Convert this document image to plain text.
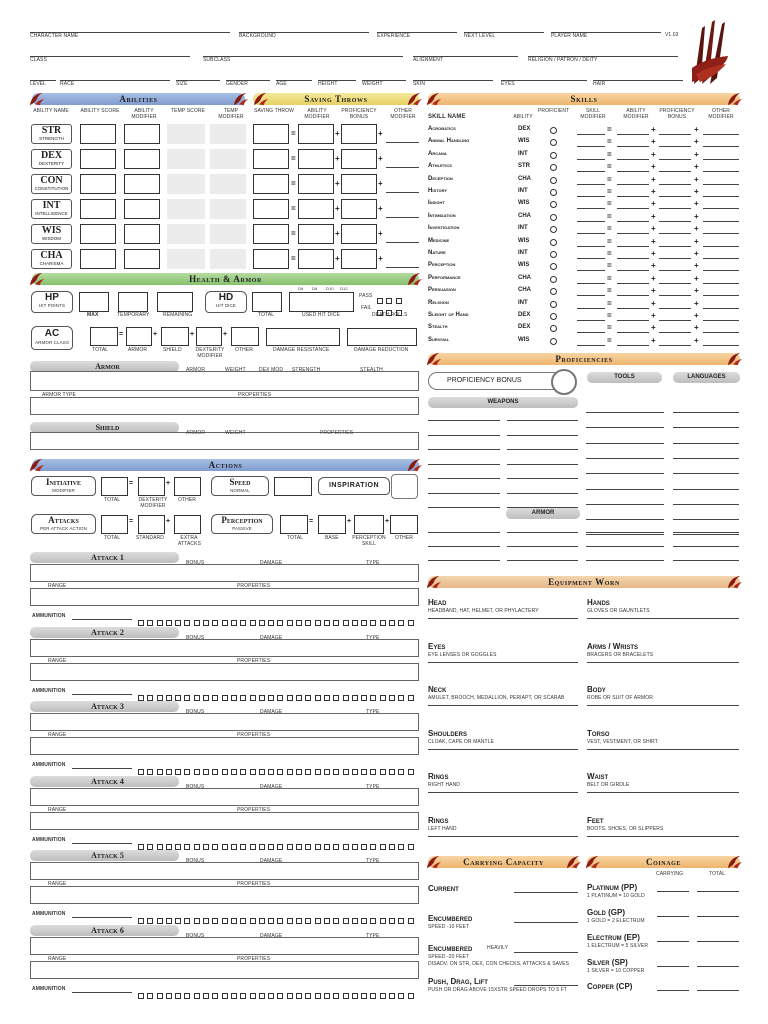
CHARACTER NAME	BACKGROUND	EXPERIENCE	NEXT LEVEL	PLAYER NAME
CLASS	SUBCLASS	ALIGNMENT	RELIGION / PATRON / DEITY
LEVEL	RACE	SIZE	GENDER	AGE	HEIGHT	WEIGHT	SKIN	EYES	HAIR
V1.03
Abilities
ABILITY NAME	ABILITY SCORE	ABILITY MODIFIER
TEMP SCORE	TEMP MODIFIER
STR
STRENGTH
DEX
DEXTERITY
CON
CONSTITUTION
INT
INTELLIGENCE
WIS
WISDOM
CHA
CHARISMA
Saving Throws
SAVING THROW	ABILITY MODIFIER
PROFICIENCY BONUS
OTHER MODIFIER
=	+	+
=	+	+
=	+	+
=	+	+
=	+	+
=	+	+
Skills
SKILL NAME	ABILITY
PROFICIENT	SKILL MODIFIER
ABILITY MODIFIER
PROFICIENCY BONUS
OTHER MODIFIER
Acrobatics	DEX	=	+	+
Animal Handling	WIS	=	+	+
Arcana	INT	=	+	+
Athletics	STR	=	+	+
Deception	CHA	=	+	+
History	INT	=	+	+
Insight	WIS	=	+	+
Intimidation	CHA	=	+	+
Investigation	INT	=	+	+
Medicine	WIS	=	+	+
Nature	INT	=	+	+
Perception	WIS	=	+	+
Performance	CHA	=	+	+
Persuasion	CHA	=	+	+
Religion	INT	=	+	+
Sleight of Hand	DEX	=	+	+
Stealth	DEX	=	+	+
Survival	WIS	=	+	+
Health & Armor
HP
HIT POINTS
HD
HIT DICE
D6 D8 D10 D12
PASS
FAIL
MAX	TEMPORARY	REMAINING	TOTAL	USED HIT DICE	DEATH ROLLS
AC
ARMOR CLASS
=	+	+	+
TOTAL	ARMOR	SHIELD	DEXTERITY MODIFIER
OTHER	DAMAGE RESISTANCE	DAMAGE REDUCTION
Armor	ARMOR	WEIGHT	DEX MOD STRENGTH	STEALTH
ARMOR TYPE	PROPERTIES
Shield
ARMOR	WEIGHT	PROPERTIES
Actions
Initiative
MODIFIER
=	+
TOTAL	DEXTERITY MODIFIER
OTHER
Speed
NORMAL
INSPIRATION
Attacks
PER ATTACK ACTION
=	+
TOTAL	STANDARD	EXTRA ATTACKS
Perception
PASSIVE
=	+	+
TOTAL	BASE	PERCEPTION SKILL
OTHER
Attack 1
BONUS	DAMAGE	TYPE
RANGE	PROPERTIES
AMMUNITION
Attack 2
BONUS	DAMAGE	TYPE
RANGE	PROPERTIES
AMMUNITION
Attack 3
BONUS	DAMAGE	TYPE
RANGE	PROPERTIES
AMMUNITION
Attack 4
BONUS	DAMAGE	TYPE
RANGE	PROPERTIES
AMMUNITION
Attack 5
BONUS	DAMAGE	TYPE
RANGE	PROPERTIES
AMMUNITION
Attack 6
BONUS	DAMAGE	TYPE
RANGE	PROPERTIES
AMMUNITION
Proficiencies
PROFICIENCY BONUS	TOOLS	LANGUAGES
WEAPONS
ARMOR
Equipment Worn
Head
HEADBAND, HAT, HELMET, OR PHYLACTERY
Eyes
EYE LENSES OR GOGGLES
Neck
AMULET, BROOCH, MEDALLION, PERIAPT, OR SCARAB
Shoulders
CLOAK, CAPE OR MANTLE
Rings
RIGHT HAND
Rings
LEFT HAND
Hands
GLOVES OR GAUNTLETS
Arms / Wrists
BRACERS OR BRACELETS
Body
ROBE OR SUIT OF ARMOR
Torso
VEST, VESTMENT, OR SHIRT
Waist
BELT OR GIRDLE
Feet
BOOTS, SHOES, OR SLIPPERS
Carrying Capacity
Current
Encumbered
SPEED -10 FEET
Encumbered	HEAVILY
SPEED -20 FEET
DISADV. ON STR, DEX, CON CHECKS, ATTACKS & SAVES
Push, Drag, Lift
PUSH OR DRAG ABOVE 15XSTR SPEED DROPS TO 5 FT
Coinage
CARRYING	TOTAL
Platinum (PP)
1 PLATINUM = 10 GOLD
Gold (GP)
1 GOLD = 2 ELECTRUM
Electrum (EP)
1 ELECTRUM = 5 SILVER
Silver (SP)
1 SILVER = 10 COPPER
Copper (CP)
